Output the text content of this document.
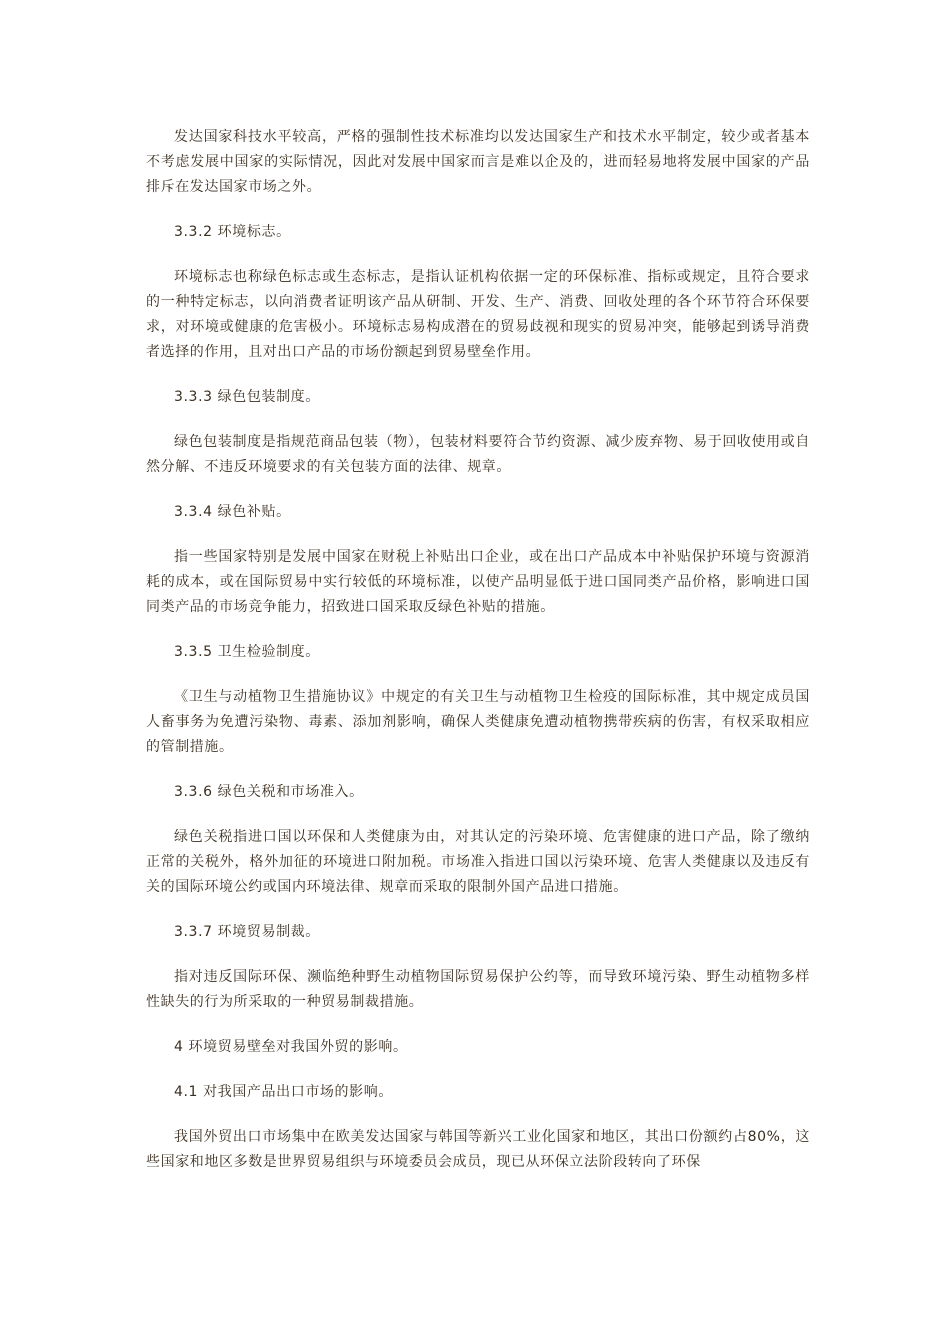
发达国家科技水平较高，严格的强制性技术标准均以发达国家生产和技术水平制定，较少或者基本不考虑发展中国家的实际情况，因此对发展中国家而言是难以企及的，进而轻易地将发展中国家的产品排斥在发达国家市场之外。

3.3.2 环境标志。

环境标志也称绿色标志或生态标志，是指认证机构依据一定的环保标准、指标或规定，且符合要求的一种特定标志，以向消费者证明该产品从研制、开发、生产、消费、回收处理的各个环节符合环保要求，对环境或健康的危害极小。环境标志易构成潜在的贸易歧视和现实的贸易冲突，能够起到诱导消费者选择的作用，且对出口产品的市场份额起到贸易壁垒作用。

3.3.3 绿色包装制度。

绿色包装制度是指规范商品包装（物），包装材料要符合节约资源、减少废弃物、易于回收使用或自然分解、不违反环境要求的有关包装方面的法律、规章。

3.3.4 绿色补贴。

指一些国家特别是发展中国家在财税上补贴出口企业，或在出口产品成本中补贴保护环境与资源消耗的成本，或在国际贸易中实行较低的环境标准，以使产品明显低于进口国同类产品价格，影响进口国同类产品的市场竞争能力，招致进口国采取反绿色补贴的措施。

3.3.5 卫生检验制度。

《卫生与动植物卫生措施协议》中规定的有关卫生与动植物卫生检疫的国际标准，其中规定成员国人畜事务为免遭污染物、毒素、添加剂影响，确保人类健康免遭动植物携带疾病的伤害，有权采取相应的管制措施。

3.3.6 绿色关税和市场准入。

绿色关税指进口国以环保和人类健康为由，对其认定的污染环境、危害健康的进口产品，除了缴纳正常的关税外，格外加征的环境进口附加税。市场准入指进口国以污染环境、危害人类健康以及违反有关的国际环境公约或国内环境法律、规章而采取的限制外国产品进口措施。

3.3.7 环境贸易制裁。

指对违反国际环保、濒临绝种野生动植物国际贸易保护公约等，而导致环境污染、野生动植物多样性缺失的行为所采取的一种贸易制裁措施。

4 环境贸易壁垒对我国外贸的影响。

4.1 对我国产品出口市场的影响。

我国外贸出口市场集中在欧美发达国家与韩国等新兴工业化国家和地区，其出口份额约占80%，这些国家和地区多数是世界贸易组织与环境委员会成员，现已从环保立法阶段转向了环保
